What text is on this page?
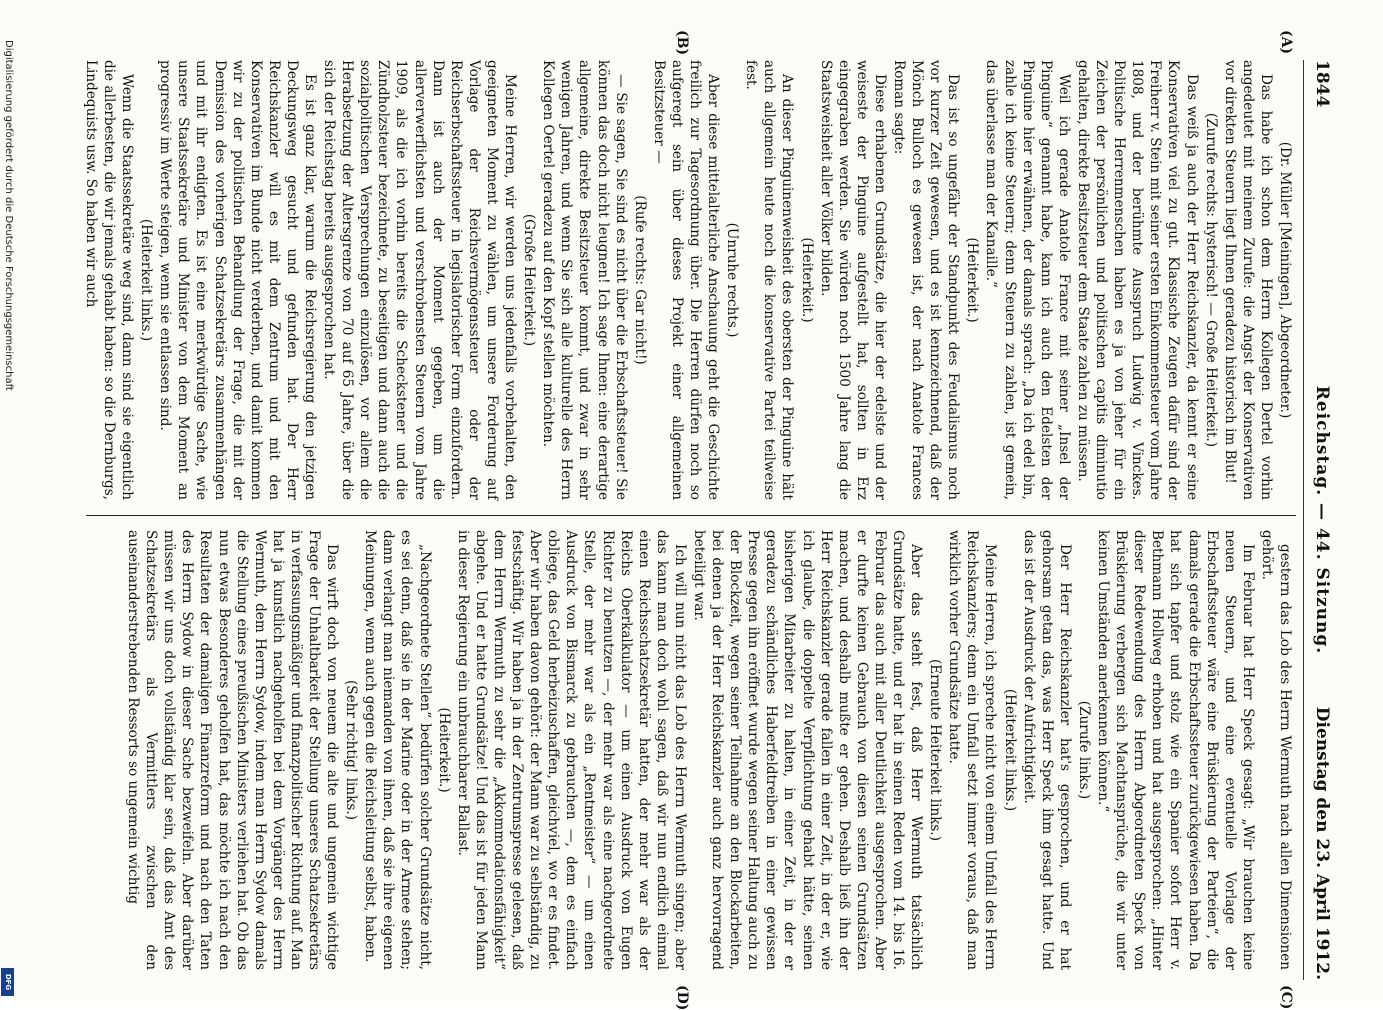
Digitalisierung gefördert durch die Deutsche Forschungsgemeinschaft
DFG
1844
Reichstag. — 44. Sitzung.
Dienstag den 23. April 1912.
(A)
(B)
(C)
(D)

(Dr. Müller [Meiningen], Abgeordneter.)

Das habe ich schon dem Herrn Kollegen Dertel vorhin angedeutet mit meinem Zurufe: die Angst der Konservativen vor direkten Steuern liegt Ihnen geradezu historisch im Blut!

(Zurufe rechts: hysterisch! — Große Heiterkeit.)

Das weiß ja auch der Herr Reichskanzler, da kennt er seine Konservativen viel zu gut. Klassische Zeugen dafür sind der Freiherr v. Stein mit seiner ersten Einkommensteuer vom Jahre 1808, und der berühmte Ausspruch Ludwig v. Vinckes. Politische Herrenmenschen haben es ja von jeher für ein Zeichen der persönlichen und politischen capitis diminutio gehalten, direkte Besitzsteuer dem Staate zahlen zu müssen.

Weil ich gerade Anatole France mit seiner „Insel der Pinguine“ genannt habe, kann ich auch den Edelsten der Pinguine hier erwähnen, der damals sprach: „Da ich edel bin, zahle ich keine Steuern; denn Steuern zu zahlen, ist gemein, das überlasse man der Kanaille.“

(Heiterkeit.)

Das ist so ungefähr der Standpunkt des Feudalismus noch vor kurzer Zeit gewesen, und es ist kennzeichnend, daß der Mönch Bulloch es gewesen ist, der nach Anatole Frances Roman sagte:

Diese erhabenen Grundsätze, die hier der edelste und der weiseste der Pinguine aufgestellt hat, sollten in Erz eingegraben werden. Sie würden noch 1500 Jahre lang die Staatsweisheit aller Völker bilden.

(Heiterkeit.)

An dieser Pinguinenweisheit des obersten der Pinguine hält auch allgemein heute noch die konservative Partei teilweise fest.

(Unruhe rechts.)

Aber diese mittelalterliche Anschauung geht die Geschichte freilich zur Tagesordnung über. Die Herren dürfen noch so aufgeregt sein über dieses Projekt einer allgemeinen Besitzsteuer —

(Rufe rechts: Gar nicht!)

— Sie sagen, Sie sind es nicht über die Erbschaftssteuer! Sie können das doch nicht leugnen! Ich sage Ihnen: eine derartige allgemeine, direkte Besitzsteuer kommt, und zwar in sehr wenigen Jahren, und wenn Sie sich alle kulturelle des Herrn Kollegen Oertel geradezu auf den Kopf stellen möchten.

(Große Heiterkeit.)

Meine Herren, wir werden uns jedenfalls vorbehalten, den geeigneten Moment zu wählen, um unsere Forderung auf Vorlage der Reichsvermögenssteuer oder der Reichserbschaftssteuer in legislatorischer Form einzufordern. Dann ist auch der Moment gegeben, um die allerverwerflichsten und verschrobensten Steuern vom Jahre 1909, als die ich vorhin bereits die Scheckstener und die Zündholzsteuer bezeichnete, zu beseitigen und dann auch die sozialpolitischen Versprechungen einzulösen, vor allem die Herabsetzung der Altersgrenze von 70 auf 65 Jahre, über die sich der Reichstag bereits ausgesprochen hat.

Es ist ganz klar, warum die Reichsregierung den jetzigen Deckungsweg gesucht und gefunden hat. Der Herr Reichskanzler will es mit dem Zentrum und mit den Konservativen im Bunde nicht verderben, und damit kommen wir zu der politischen Behandlung der Frage, die mit der Demission des vorherigen Schatzsekretärs zusammenhängen und mit ihr endigten. Es ist eine merkwürdige Sache, wie unsere Staatssekretäre und Minister von dem Moment an progressiv im Werte steigen, wenn sie entlassen sind.

(Heiterkeit links.)

Wenn die Staatssekretäre weg sind, dann sind sie eigentlich die allerbesten, die wir jemals gehabt haben: so die Dernburgs, Lindequists usw. So haben wir auch

gestern das Lob des Herrn Wermuth nach allen Dimensionen gehört.

Im Februar hat Herr Speck gesagt: „Wir brauchen keine neuen Steuern, und eine eventuelle Vorlage der Erbschaftssteuer wäre eine Brüskierung der Parteien“, die damals gerade die Erbschaftssteuer zurückgewiesen haben. Da hat sich tapfer und stolz wie ein Spanier sofort Herr v. Bethmann Hollweg erhoben und hat ausgesprochen: „Hinter dieser Redewendung des Herrn Abgeordneten Speck von Brüskierung verbergen sich Machtansprüche, die wir unter keinen Umständen anerkennen können.“

(Zurufe links.)

Der Herr Reichskanzler hat's gesprochen, und er hat gehorsam getan das, was Herr Speck ihm gesagt hatte. Und das ist der Ausdruck der Aufrichtigkeit.

(Heiterkeit links.)

Meine Herren, ich spreche nicht von einem Umfall des Herrn Reichskanzlers; denn ein Umfall setzt immer voraus, daß man wirklich vorher Grundsätze hatte.

(Erneute Heiterkeit links.)

Aber das steht fest, daß Herr Wermuth tatsächlich Grundsätze hatte, und er hat in seinen Reden vom 14. bis 16. Februar das auch mit aller Deutlichkeit ausgesprochen. Aber er durfte keinen Gebrauch von diesen seinen Grundsätzen machen, und deshalb mußte er gehen. Deshalb ließ ihn der Herr Reichskanzler gerade fallen in einer Zeit, in der er, wie ich glaube, die doppelte Verpflichtung gehabt hätte, seinen bisherigen Mitarbeiter zu halten, in einer Zeit, in der er geradezu schändliches Haberfeldtreiben in einer gewissen Presse gegen ihn eröffnet wurde wegen seiner Haltung auch zu der Blockzeit, wegen seiner Teilnahme an den Blockarbeiten, bei denen ja der Herr Reichskanzler auch ganz hervorragend beteiligt war.

Ich will nun nicht das Lob des Herrn Wermuth singen; aber das kann man doch wohl sagen, daß wir nun endlich einmal einen Reichsschatzsekretär hatten, der mehr war als der Reichs Oberkalkulator — um einen Ausdruck von Eugen Richter zu benutzen —, der mehr war als eine nachgeordnete Stelle, der mehr war als ein „Rentmeister“ — um einen Ausdruck von Bismarck zu gebrauchen —, dem es einfach obliege, das Geld herbeizuschaffen, gleichviel, wo er es findet. Aber wir haben davon gehört: der Mann war zu selbständig, zu festschäftig. Wir haben ja in der Zentrumspresse gelesen, daß dem Herrn Wermuth zu sehr die „Akkommodationsfähigkeit“ abgehe. Und er hatte Grundsätze! Und das ist für jeden Mann in dieser Regierung ein unbrauchbarer Ballast.

(Heiterkeit.)

„Nachgeordnete Stellen“ bedürfen solcher Grundsätze nicht, es sei denn, daß sie in der Marine oder in der Armee stehen; dann verlangt man niemanden von ihnen, daß sie ihre eigenen Meinungen, wenn auch gegen die Reichsleitung selbst, haben.

(Sehr richtig! links.)

Das wirft doch von neuem die alte und ungemein wichtige Frage der Unhaltbarkeit der Stellung unseres Schatzsekretärs in verfassungsmäßiger und finanzpolitischer Richtung auf. Man hat ja kunstlich nachgeholfen bei dem Vorgänger des Herrn Wermuth, dem Herrn Sydow, indem man Herrn Sydow damals die Stellung eines preußischen Ministers verliehen hat. Ob das nun etwas Besonderes geholfen hat, das möchte ich nach den Resultaten der damaligen Finanzreform und nach den Taten des Herrn Sydow in dieser Sache bezweifeln. Aber darüber müssen wir uns doch vollständig klar sein, daß das Amt des Schatzsekretärs als Vermittlers zwischen den auseinanderstrebenden Ressorts so ungemein wichtig
